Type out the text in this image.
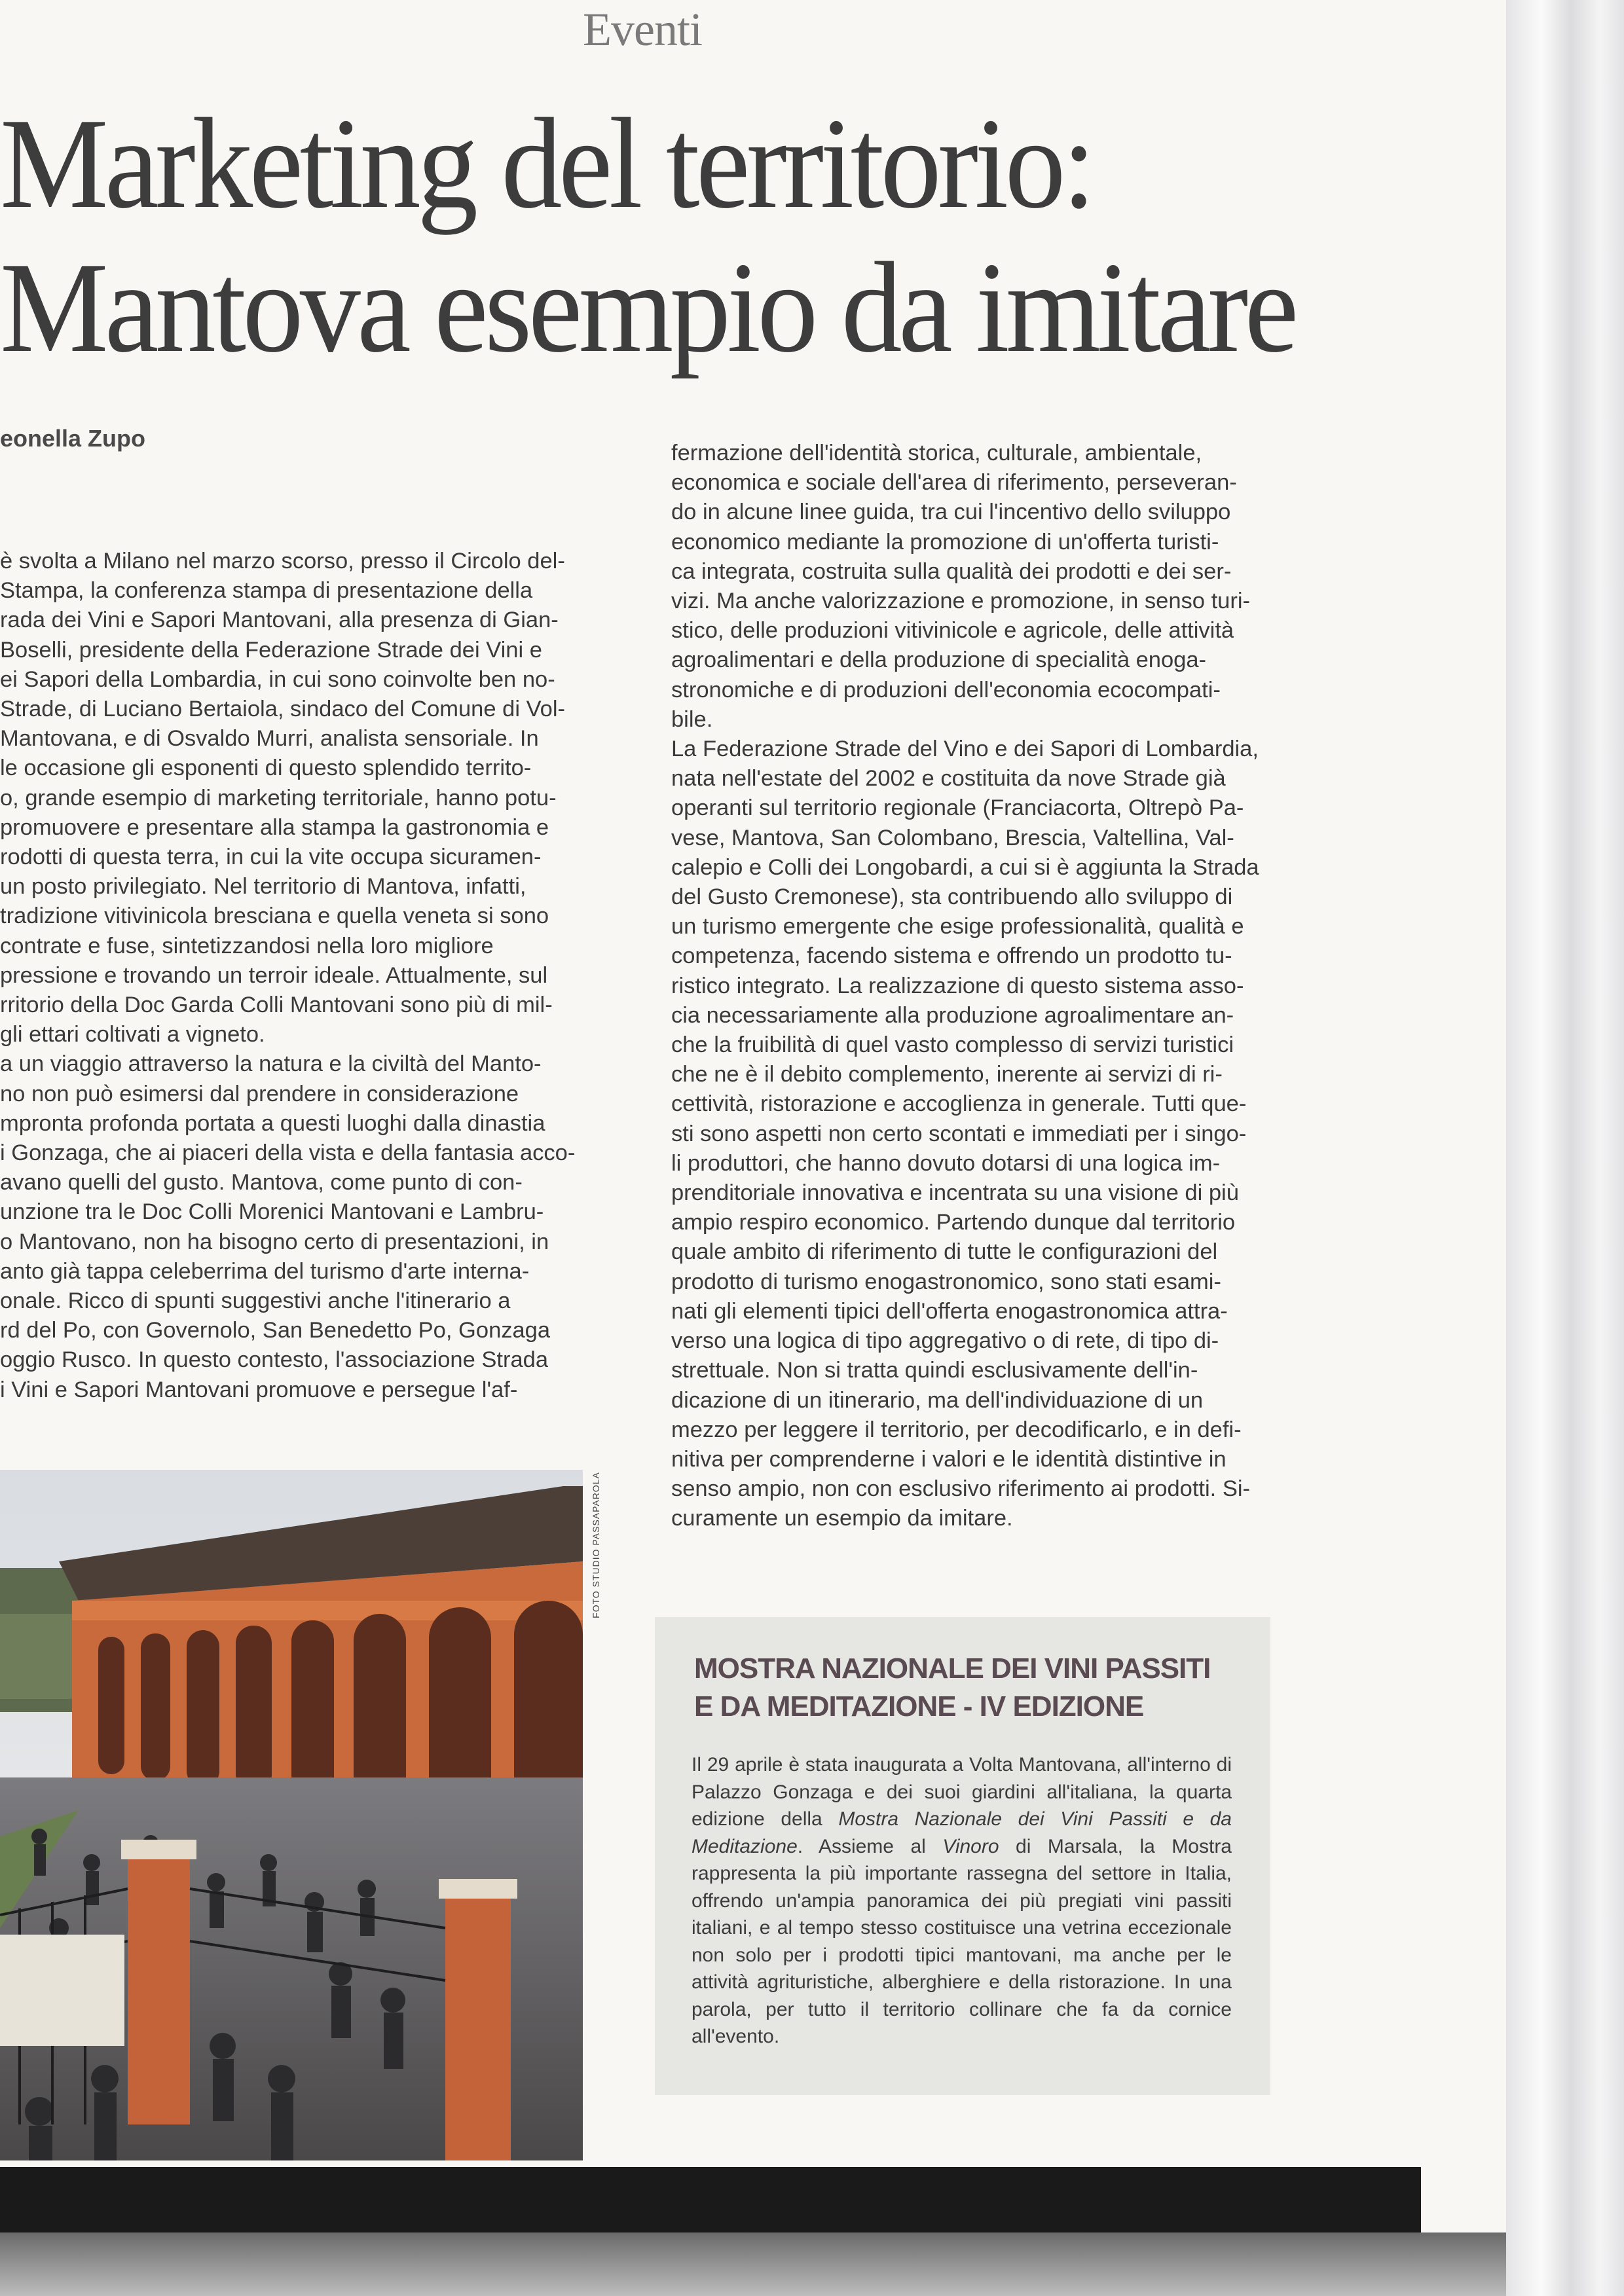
Eventi
Marketing del territorio:
Mantova esempio da imitare
eonella Zupo
è svolta a Milano nel marzo scorso, presso il Circolo del-
Stampa, la conferenza stampa di presentazione della
rada dei Vini e Sapori Mantovani, alla presenza di Gian-
Boselli, presidente della Federazione Strade dei Vini e
ei Sapori della Lombardia, in cui sono coinvolte ben no-
Strade, di Luciano Bertaiola, sindaco del Comune di Vol-
Mantovana, e di Osvaldo Murri, analista sensoriale. In
le occasione gli esponenti di questo splendido territo-
o, grande esempio di marketing territoriale, hanno potu-
promuovere e presentare alla stampa la gastronomia e
rodotti di questa terra, in cui la vite occupa sicuramen-
un posto privilegiato. Nel territorio di Mantova, infatti,
tradizione vitivinicola bresciana e quella veneta si sono
contrate e fuse, sintetizzandosi nella loro migliore
pressione e trovando un terroir ideale. Attualmente, sul
rritorio della Doc Garda Colli Mantovani sono più di mil-
gli ettari coltivati a vigneto.
a un viaggio attraverso la natura e la civiltà del Manto-
no non può esimersi dal prendere in considerazione
mpronta profonda portata a questi luoghi dalla dinastia
i Gonzaga, che ai piaceri della vista e della fantasia acco-
avano quelli del gusto. Mantova, come punto di con-
unzione tra le Doc Colli Morenici Mantovani e Lambru-
o Mantovano, non ha bisogno certo di presentazioni, in
anto già tappa celeberrima del turismo d'arte interna-
onale. Ricco di spunti suggestivi anche l'itinerario a
rd del Po, con Governolo, San Benedetto Po, Gonzaga
oggio Rusco. In questo contesto, l'associazione Strada
i Vini e Sapori Mantovani promuove e persegue l'af-
fermazione dell'identità storica, culturale, ambientale,
economica e sociale dell'area di riferimento, perseveran-
do in alcune linee guida, tra cui l'incentivo dello sviluppo
economico mediante la promozione di un'offerta turisti-
ca integrata, costruita sulla qualità dei prodotti e dei ser-
vizi. Ma anche valorizzazione e promozione, in senso turi-
stico, delle produzioni vitivinicole e agricole, delle attività
agroalimentari e della produzione di specialità enoga-
stronomiche e di produzioni dell'economia ecocompati-
bile.
La Federazione Strade del Vino e dei Sapori di Lombardia,
nata nell'estate del 2002 e costituita da nove Strade già
operanti sul territorio regionale (Franciacorta, Oltrepò Pa-
vese, Mantova, San Colombano, Brescia, Valtellina, Val-
calepio e Colli dei Longobardi, a cui si è aggiunta la Strada
del Gusto Cremonese), sta contribuendo allo sviluppo di
un turismo emergente che esige professionalità, qualità e
competenza, facendo sistema e offrendo un prodotto tu-
ristico integrato. La realizzazione di questo sistema asso-
cia necessariamente alla produzione agroalimentare an-
che la fruibilità di quel vasto complesso di servizi turistici
che ne è il debito complemento, inerente ai servizi di ri-
cettività, ristorazione e accoglienza in generale. Tutti que-
sti sono aspetti non certo scontati e immediati per i singo-
li produttori, che hanno dovuto dotarsi di una logica im-
prenditoriale innovativa e incentrata su una visione di più
ampio respiro economico. Partendo dunque dal territorio
quale ambito di riferimento di tutte le configurazioni del
prodotto di turismo enogastronomico, sono stati esami-
nati gli elementi tipici dell'offerta enogastronomica attra-
verso una logica di tipo aggregativo o di rete, di tipo di-
strettuale. Non si tratta quindi esclusivamente dell'in-
dicazione di un itinerario, ma dell'individuazione di un
mezzo per leggere il territorio, per decodificarlo, e in defi-
nitiva per comprenderne i valori e le identità distintive in
senso ampio, non con esclusivo riferimento ai prodotti. Si-
curamente un esempio da imitare.
FOTO STUDIO PASSAPAROLA
MOSTRA NAZIONALE DEI VINI PASSITI
E DA MEDITAZIONE - IV EDIZIONE
Il 29 aprile è stata inaugurata a Volta Mantovana, all'interno di Palazzo Gonzaga e dei suoi giardini all'italiana, la quarta edizione della Mostra Nazionale dei Vini Passiti e da Meditazione. Assieme al Vinoro di Marsala, la Mostra rappresenta la più importante rassegna del settore in Italia, offrendo un'ampia panoramica dei più pregiati vini passiti italiani, e al tempo stesso costituisce una vetrina eccezionale non solo per i prodotti tipici mantovani, ma anche per le attività agrituristiche, alberghiere e della ristorazione. In una parola, per tutto il territorio collinare che fa da cornice all'evento.
